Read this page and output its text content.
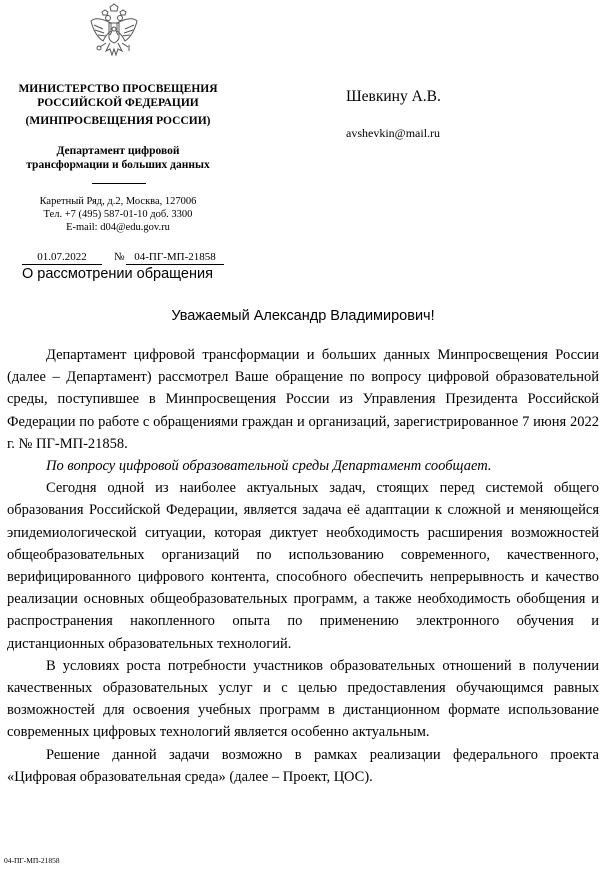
МИНИСТЕРСТВО ПРОСВЕЩЕНИЯ
РОССИЙСКОЙ ФЕДЕРАЦИИ
(МИНПРОСВЕЩЕНИЯ РОССИИ)
Департамент цифровой
трансформации и больших данных
Каретный Ряд, д.2, Москва, 127006
Тел. +7 (495) 587-01-10 доб. 3300
E-mail: d04@edu.gov.ru
01.07.2022	№ 04-ПГ-МП-21858
О рассмотрении обращения
Шевкину А.В.
avshevkin@mail.ru
Уважаемый Александр Владимирович!

Департамент цифровой трансформации и больших данных Минпросвещения России (далее – Департамент) рассмотрел Ваше обращение по вопросу цифровой образовательной среды, поступившее в Минпросвещения России из Управления Президента Российской Федерации по работе с обращениями граждан и организаций, зарегистрированное 7 июня 2022 г. № ПГ-МП-21858.

По вопросу цифровой образовательной среды Департамент сообщает.

Сегодня одной из наиболее актуальных задач, стоящих перед системой общего образования Российской Федерации, является задача её адаптации к сложной и меняющейся эпидемиологической ситуации, которая диктует необходимость расширения возможностей общеобразовательных организаций по использованию современного, качественного, верифицированного цифрового контента, способного обеспечить непрерывность и качество реализации основных общеобразовательных программ, а также необходимость обобщения и распространения накопленного опыта по применению электронного обучения и дистанционных образовательных технологий.

В условиях роста потребности участников образовательных отношений в получении качественных образовательных услуг и с целью предоставления обучающимся равных возможностей для освоения учебных программ в дистанционном формате использование современных цифровых технологий является особенно актуальным.

Решение данной задачи возможно в рамках реализации федерального проекта «Цифровая образовательная среда» (далее – Проект, ЦОС).

04-ПГ-МП-21858
